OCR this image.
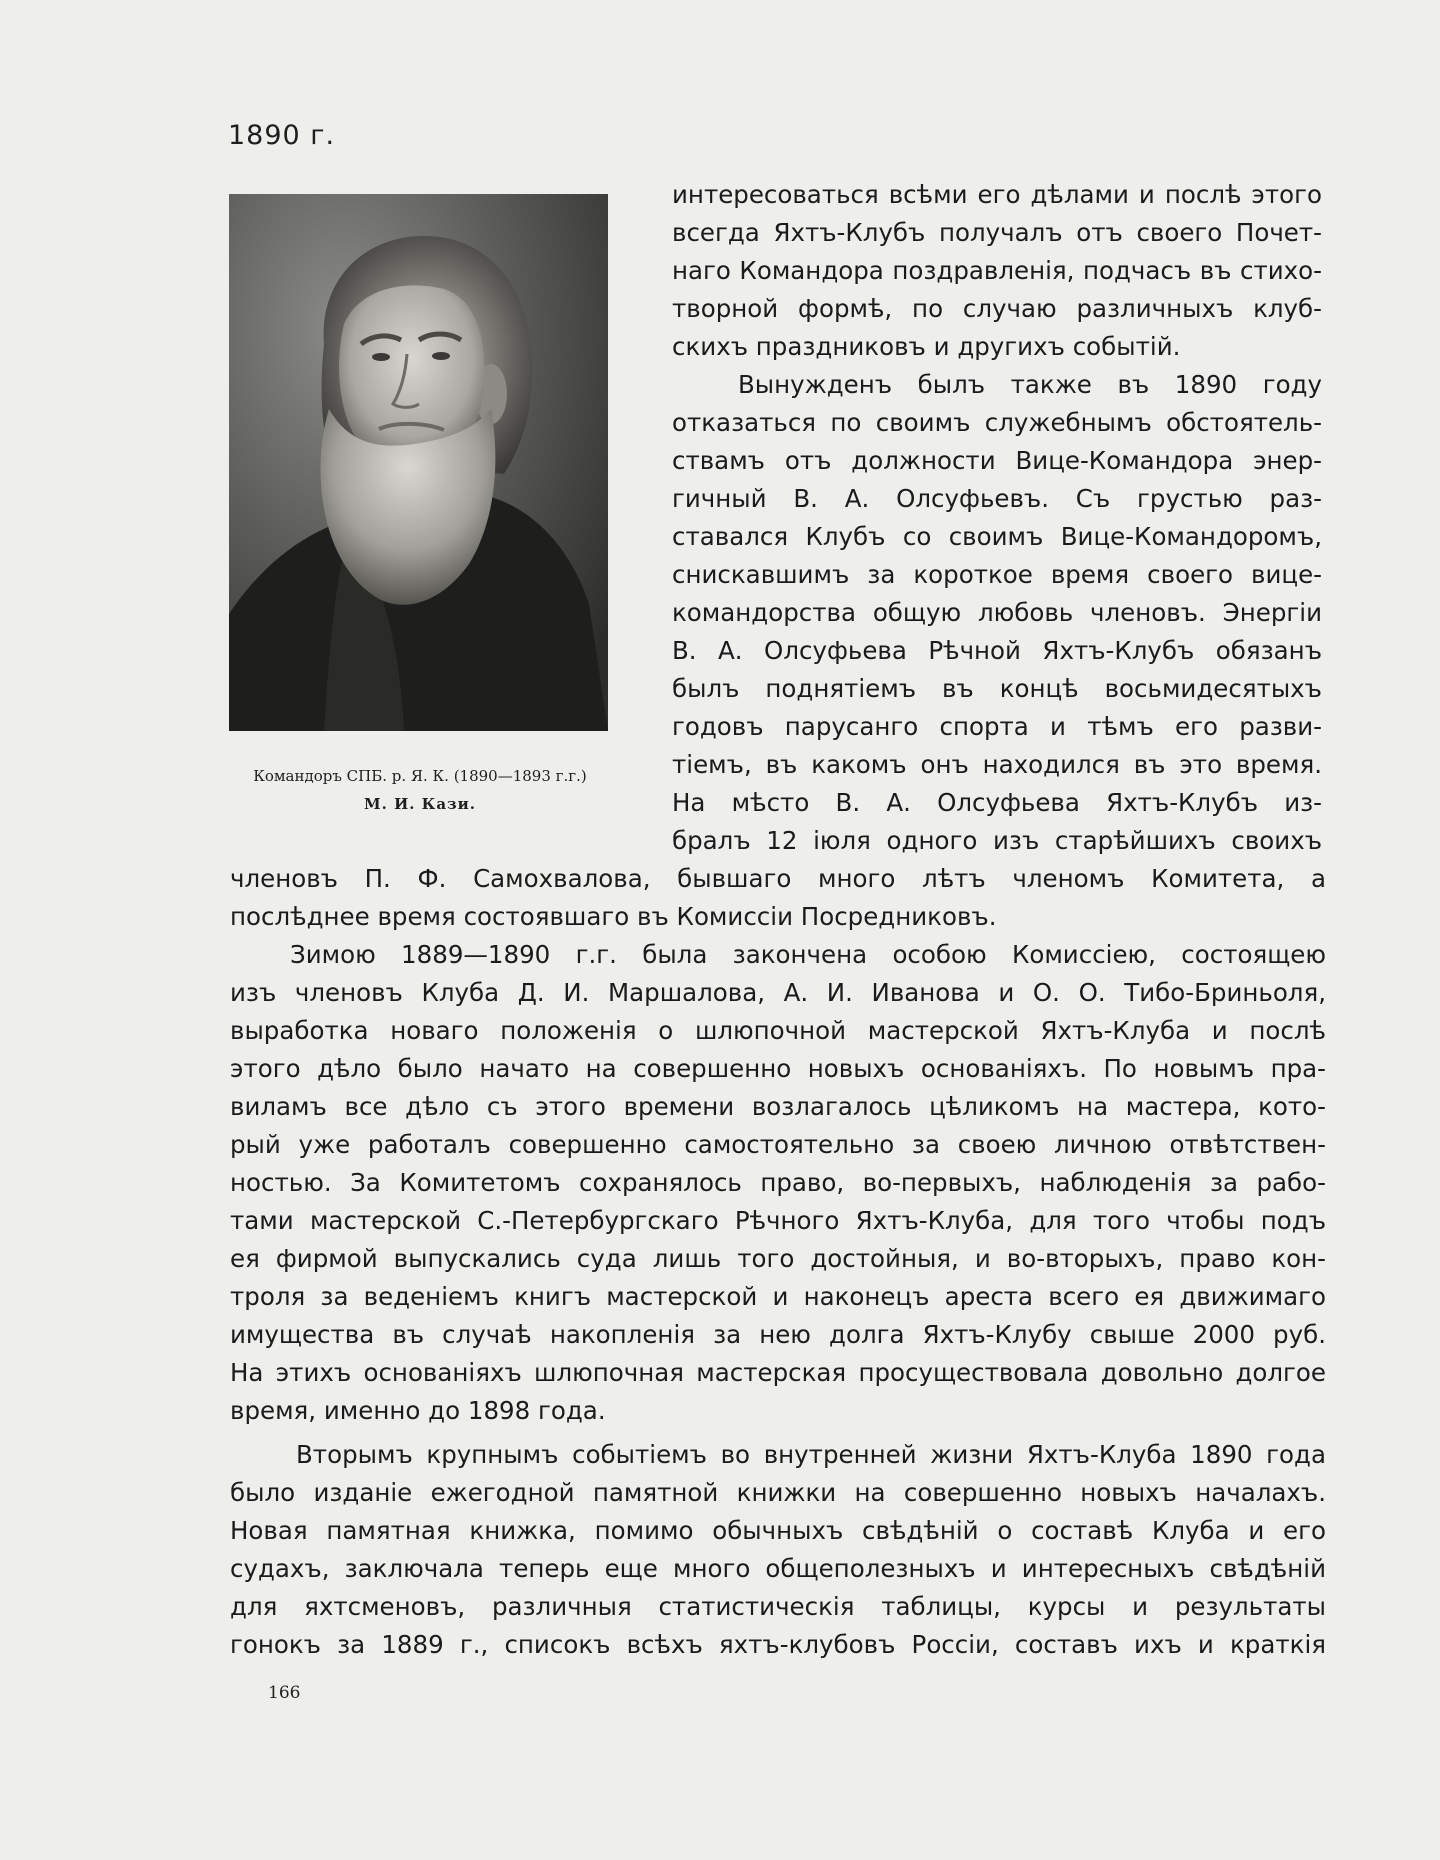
1890 г.
Командоръ СПБ. р. Я. К. (1890—1893 г.г.)
М. И. Кази.
интересоваться всѣми его дѣлами и послѣ этого
всегда Яхтъ-Клубъ получалъ отъ своего Почет-
наго Командора поздравленія, подчасъ въ стихо-
творной формѣ, по случаю различныхъ клуб-
скихъ праздниковъ и другихъ событій.
Вынужденъ былъ также въ 1890 году
отказаться по своимъ служебнымъ обстоятель-
ствамъ отъ должности Вице-Командора энер-
гичный В. А. Олсуфьевъ. Съ грустью раз-
ставался Клубъ со своимъ Вице-Командоромъ,
снискавшимъ за короткое время своего вице-
командорства общую любовь членовъ. Энергіи
В. А. Олсуфьева Рѣчной Яхтъ-Клубъ обязанъ
былъ поднятіемъ въ концѣ восьмидесятыхъ
годовъ парусанго спорта и тѣмъ его разви-
тіемъ, въ какомъ онъ находился въ это время.
На мѣсто В. А. Олсуфьева Яхтъ-Клубъ из-
бралъ 12 іюля одного изъ старѣйшихъ своихъ
членовъ П. Ф. Самохвалова, бывшаго много лѣтъ членомъ Комитета, а
послѣднее время состоявшаго въ Комиссіи Посредниковъ.
Зимою 1889—1890 г.г. была закончена особою Комиссіею, состоящею
изъ членовъ Клуба Д. И. Маршалова, А. И. Иванова и О. О. Тибо-Бриньоля,
выработка новаго положенія о шлюпочной мастерской Яхтъ-Клуба и послѣ
этого дѣло было начато на совершенно новыхъ основаніяхъ. По новымъ пра-
виламъ все дѣло съ этого времени возлагалось цѣликомъ на мастера, кото-
рый уже работалъ совершенно самостоятельно за своею личною отвѣтствен-
ностью. За Комитетомъ сохранялось право, во-первыхъ, наблюденія за рабо-
тами мастерской С.-Петербургскаго Рѣчного Яхтъ-Клуба, для того чтобы подъ
ея фирмой выпускались суда лишь того достойныя, и во-вторыхъ, право кон-
троля за веденіемъ книгъ мастерской и наконецъ ареста всего ея движимаго
имущества въ случаѣ накопленія за нею долга Яхтъ-Клубу свыше 2000 руб.
На этихъ основаніяхъ шлюпочная мастерская просуществовала довольно долгое
время, именно до 1898 года.
Вторымъ крупнымъ событіемъ во внутренней жизни Яхтъ-Клуба 1890 года
было изданіе ежегодной памятной книжки на совершенно новыхъ началахъ.
Новая памятная книжка, помимо обычныхъ свѣдѣній о составѣ Клуба и его
судахъ, заключала теперь еще много общеполезныхъ и интересныхъ свѣдѣній
для яхтсменовъ, различныя статистическія таблицы, курсы и результаты
гонокъ за 1889 г., списокъ всѣхъ яхтъ-клубовъ Россіи, составъ ихъ и краткія
166
